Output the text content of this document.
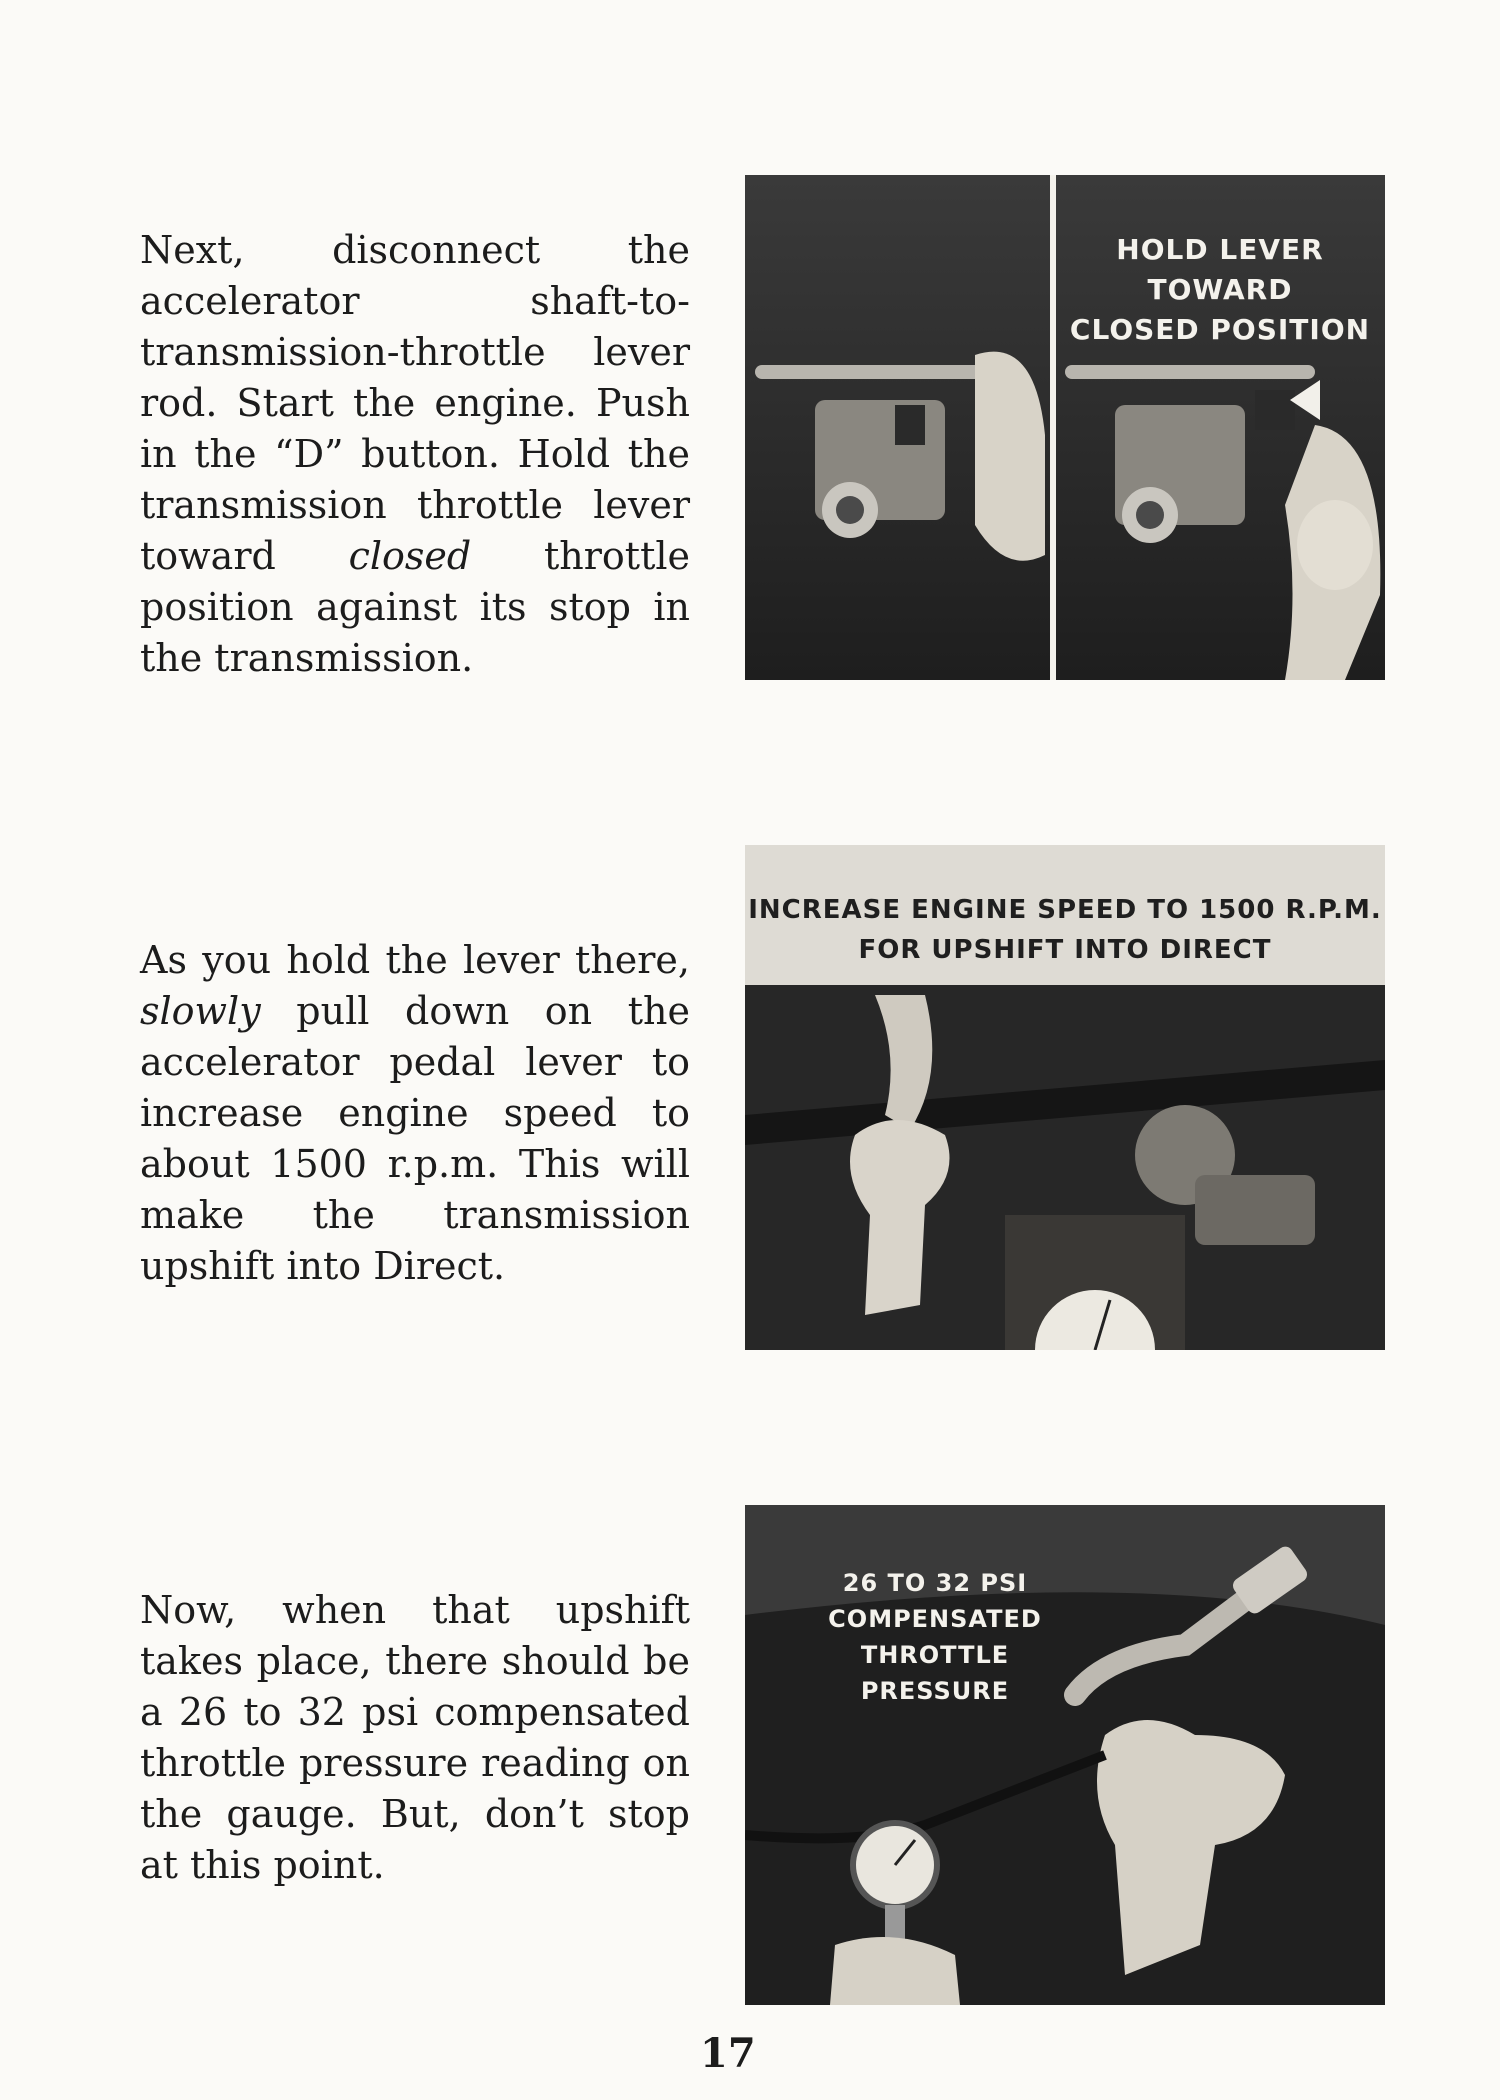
Next, disconnect the accelerator shaft-to-transmission-throttle lever rod. Start the engine. Push in the “D” button. Hold the transmission throttle lever toward closed throttle position against its stop in the transmission.

HOLD LEVER TOWARD
CLOSED POSITION

As you hold the lever there, slowly pull down on the accelerator pedal lever to increase engine speed to about 1500 r.p.m. This will make the transmission upshift into Direct.

INCREASE ENGINE SPEED TO 1500 R.P.M.
FOR UPSHIFT INTO DIRECT

Now, when that upshift takes place, there should be a 26 to 32 psi compensated throttle pressure reading on the gauge. But, don’t stop at this point.

26 TO 32 PSI
COMPENSATED
THROTTLE PRESSURE
17
